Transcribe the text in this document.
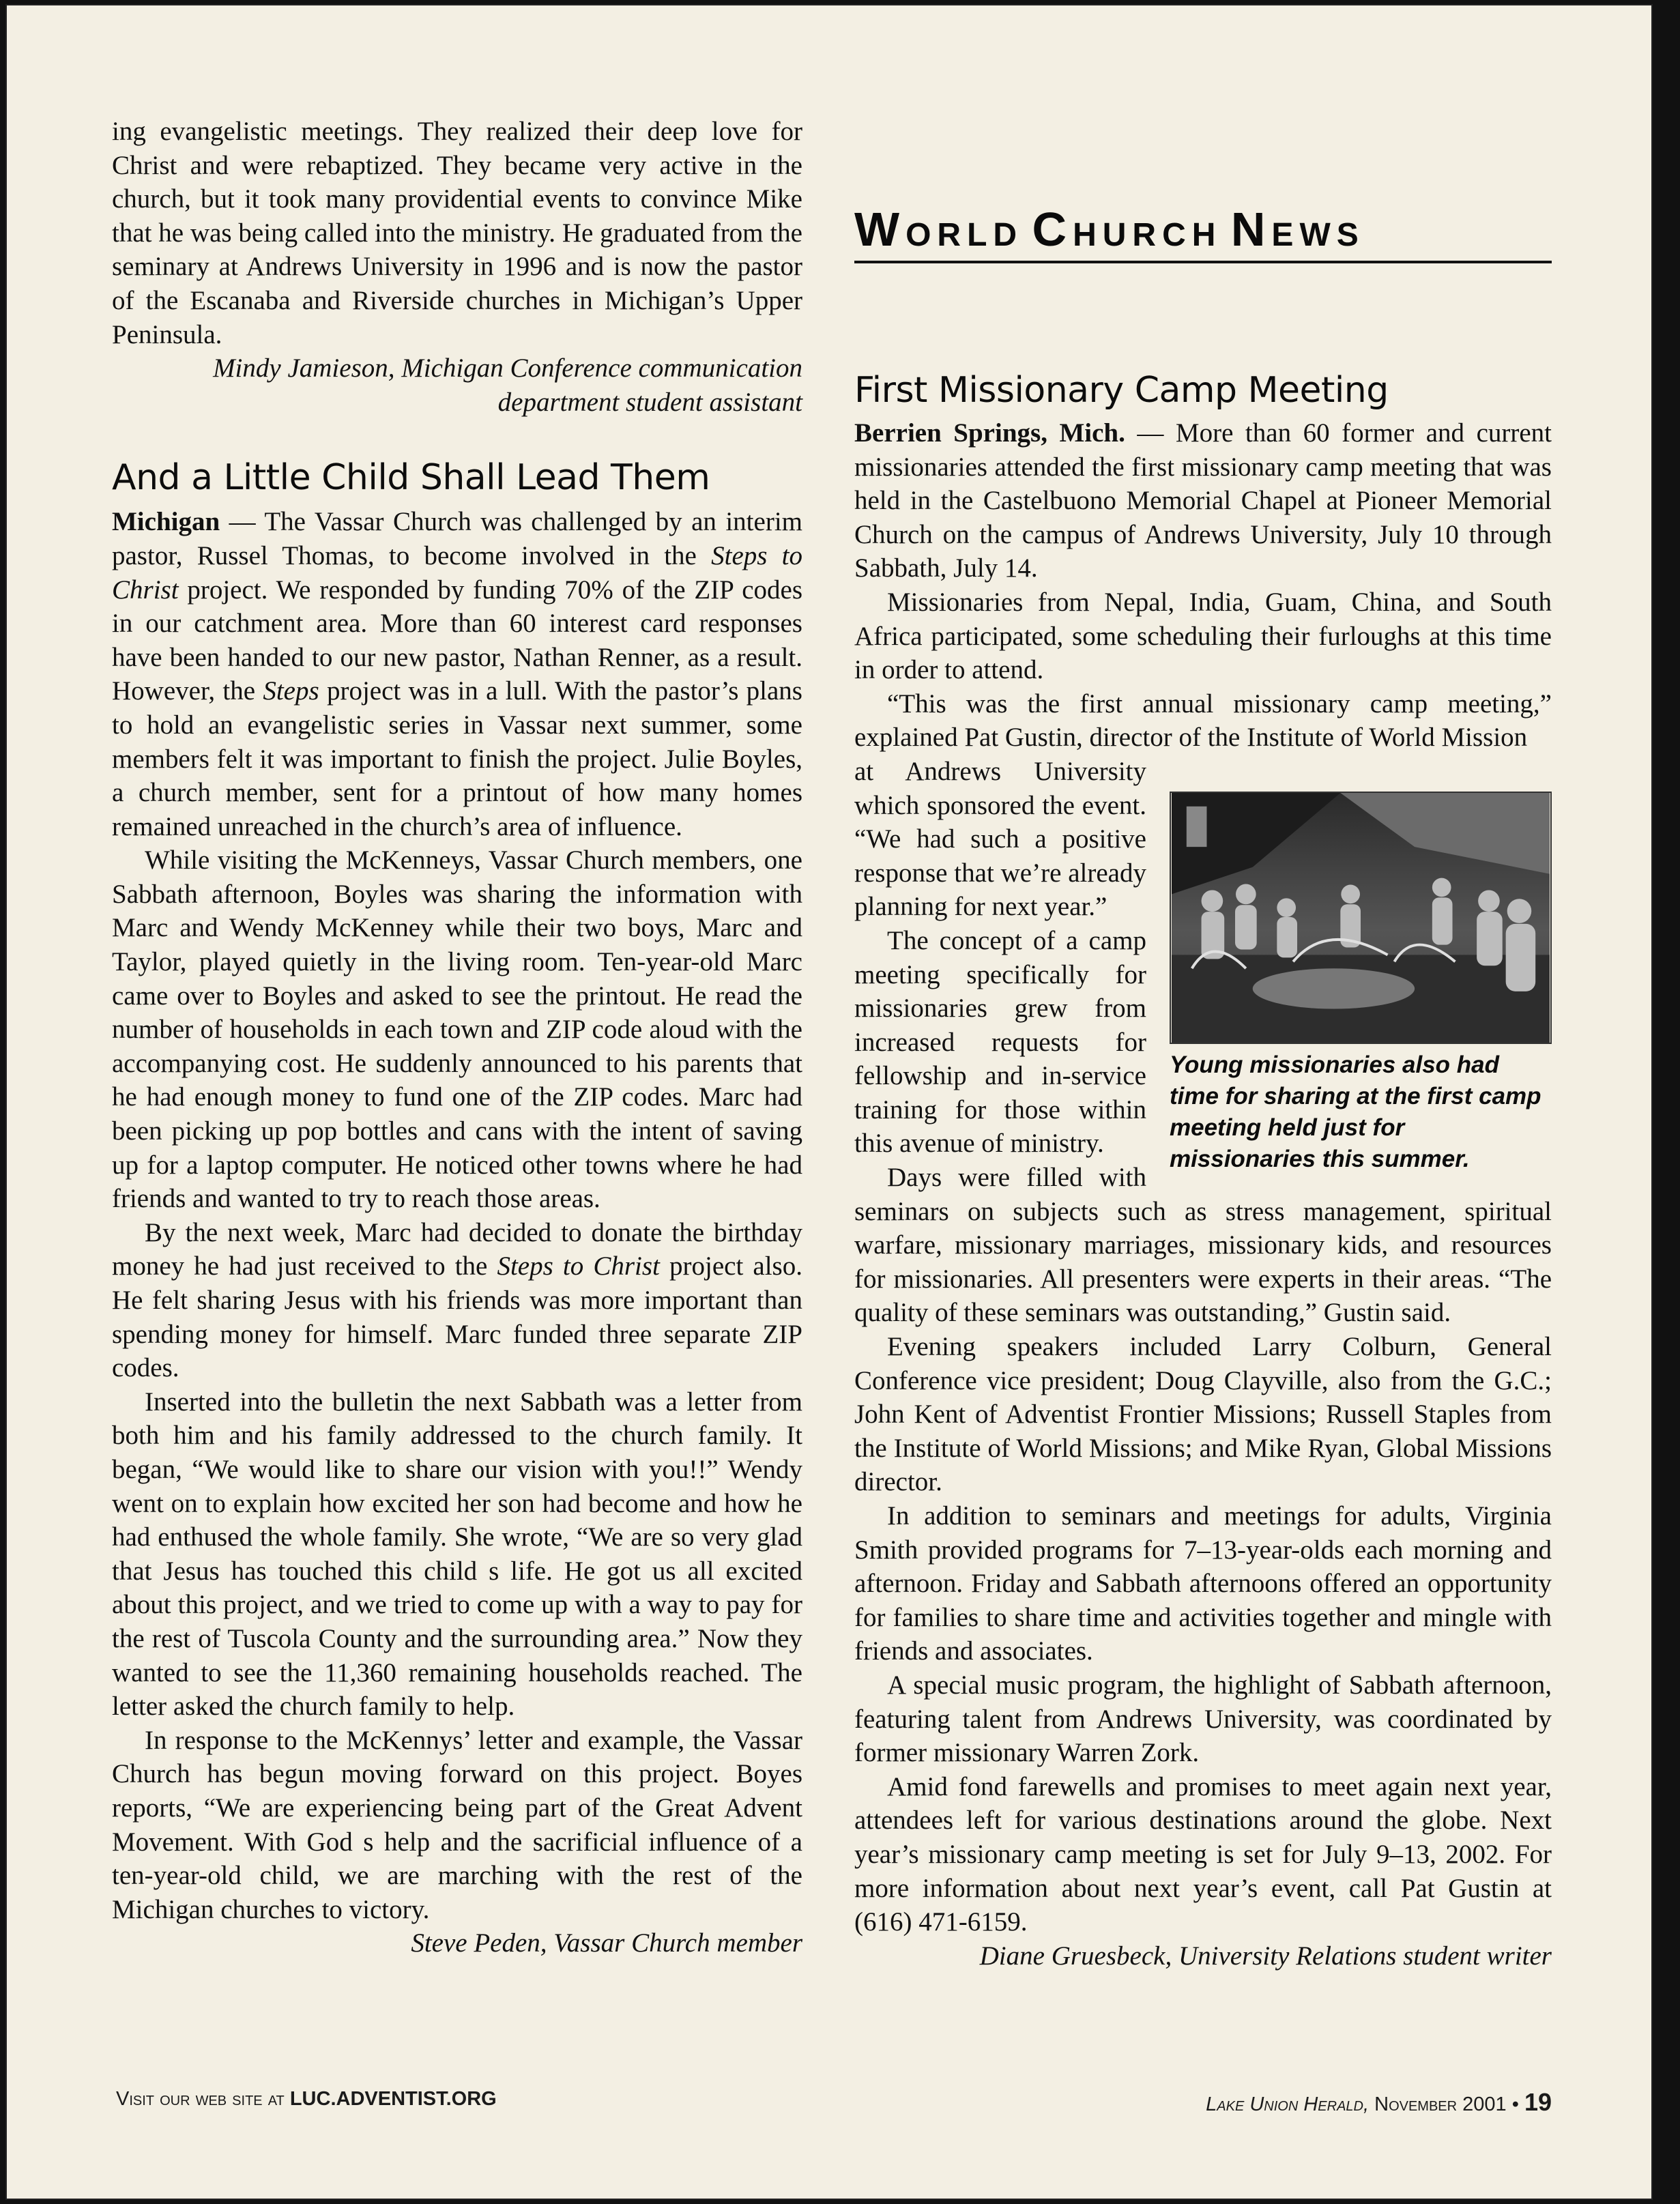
ing evangelistic meetings. They realized their deep love for Christ and were rebaptized. They became very active in the church, but it took many providential events to convince Mike that he was being called into the ministry. He graduated from the seminary at Andrews University in 1996 and is now the pastor of the Escanaba and Riverside churches in Michigan’s Upper Peninsula.

Mindy Jamieson, Michigan Conference communication department student assistant

And a Little Child Shall Lead Them

Michigan — The Vassar Church was challenged by an interim pastor, Russel Thomas, to become involved in the Steps to Christ project. We responded by funding 70% of the ZIP codes in our catchment area. More than 60 interest card responses have been handed to our new pastor, Nathan Renner, as a result. However, the Steps project was in a lull. With the pastor’s plans to hold an evangelistic series in Vassar next summer, some members felt it was important to finish the project. Julie Boyles, a church member, sent for a printout of how many homes remained unreached in the church’s area of influence.

While visiting the McKenneys, Vassar Church members, one Sabbath afternoon, Boyles was sharing the information with Marc and Wendy McKenney while their two boys, Marc and Taylor, played quietly in the living room. Ten-year-old Marc came over to Boyles and asked to see the printout. He read the number of households in each town and ZIP code aloud with the accompanying cost. He suddenly announced to his parents that he had enough money to fund one of the ZIP codes. Marc had been picking up pop bottles and cans with the intent of saving up for a laptop computer. He noticed other towns where he had friends and wanted to try to reach those areas.

By the next week, Marc had decided to donate the birthday money he had just received to the Steps to Christ project also. He felt sharing Jesus with his friends was more important than spending money for himself. Marc funded three separate ZIP codes.

Inserted into the bulletin the next Sabbath was a letter from both him and his family addressed to the church family. It began, “We would like to share our vision with you!!” Wendy went on to explain how excited her son had become and how he had enthused the whole family. She wrote, “We are so very glad that Jesus has touched this child s life. He got us all excited about this project, and we tried to come up with a way to pay for the rest of Tuscola County and the surrounding area.” Now they wanted to see the 11,360 remaining households reached. The letter asked the church family to help.

In response to the McKennys’ letter and example, the Vassar Church has begun moving forward on this project. Boyes reports, “We are experiencing being part of the Great Advent Movement. With God s help and the sacrificial influence of a ten-year-old child, we are marching with the rest of the Michigan churches to victory.

Steve Peden, Vassar Church member

WORLD CHURCH NEWS
First Missionary Camp Meeting

Berrien Springs, Mich. — More than 60 former and current missionaries attended the first missionary camp meeting that was held in the Castelbuono Memorial Chapel at Pioneer Memorial Church on the campus of Andrews University, July 10 through Sabbath, July 14.

Missionaries from Nepal, India, Guam, China, and South Africa participated, some scheduling their furloughs at this time in order to attend.

“This was the first annual missionary camp meeting,” explained Pat Gustin, director of the Institute of World Mission

Young missionaries also had time for sharing at the first camp meeting held just for missionaries this summer.

at Andrews University which sponsored the event. “We had such a positive response that we’re already planning for next year.”

The concept of a camp meeting specifically for missionaries grew from increased requests for fellowship and in-service training for those within this avenue of ministry.

Days were filled with seminars on subjects such as stress management, spiritual warfare, missionary marriages, missionary kids, and resources for missionaries. All presenters were experts in their areas. “The quality of these seminars was outstanding,” Gustin said.

Evening speakers included Larry Colburn, General Conference vice president; Doug Clayville, also from the G.C.; John Kent of Adventist Frontier Missions; Russell Staples from the Institute of World Missions; and Mike Ryan, Global Missions director.

In addition to seminars and meetings for adults, Virginia Smith provided programs for 7–13-year-olds each morning and afternoon. Friday and Sabbath afternoons offered an opportunity for families to share time and activities together and mingle with friends and associates.

A special music program, the highlight of Sabbath afternoon, featuring talent from Andrews University, was coordinated by former missionary Warren Zork.

Amid fond farewells and promises to meet again next year, attendees left for various destinations around the globe. Next year’s missionary camp meeting is set for July 9–13, 2002. For more information about next year’s event, call Pat Gustin at (616) 471-6159.

Diane Gruesbeck, University Relations student writer

Visit our web site at LUC.ADVENTIST.ORG	Lake Union Herald, November 2001 • 19
